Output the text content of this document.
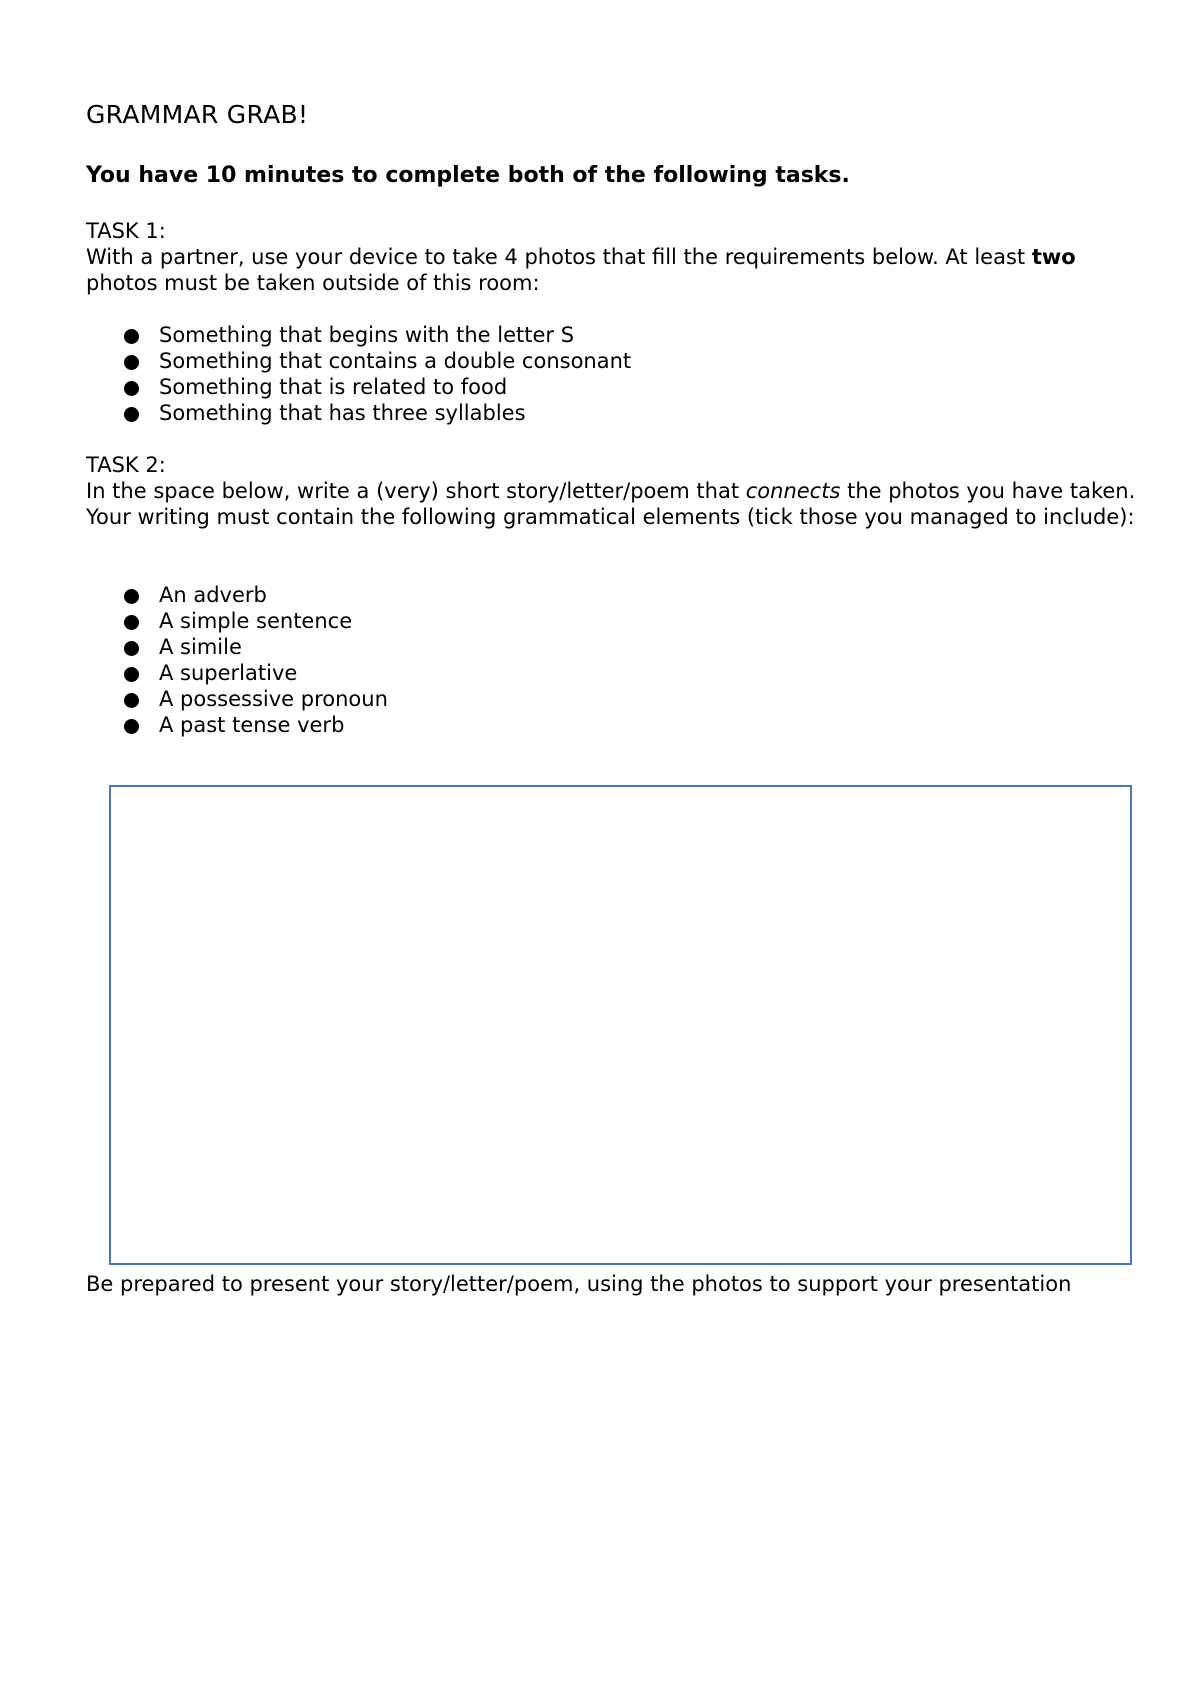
GRAMMAR GRAB!
You have 10 minutes to complete both of the following tasks.

TASK 1:

With a partner, use your device to take 4 photos that fill the requirements below. At least two photos must be taken outside of this room:

Something that begins with the letter S
Something that contains a double consonant
Something that is related to food
Something that has three syllables

TASK 2:

In the space below, write a (very) short story/letter/poem that connects the photos you have taken. Your writing must contain the following grammatical elements (tick those you managed to include):

An adverb
A simple sentence
A simile
A superlative
A possessive pronoun
A past tense verb

Be prepared to present your story/letter/poem, using the photos to support your presentation
